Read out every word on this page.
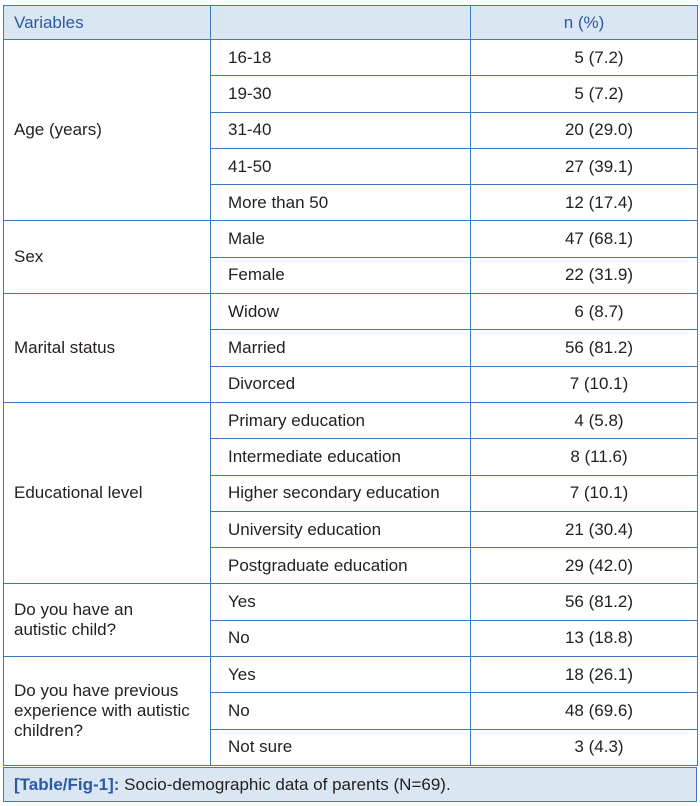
Variables		n (%)
Age (years)	16-18	5 (7.2)
	19-30	5 (7.2)
	31-40	20 (29.0)
	41-50	27 (39.1)
	More than 50	12 (17.4)
Sex	Male	47 (68.1)
	Female	22 (31.9)
Marital status	Widow	6 (8.7)
	Married	56 (81.2)
	Divorced	7 (10.1)
Educational level	Primary education	4 (5.8)
	Intermediate education	8 (11.6)
	Higher secondary education	7 (10.1)
	University education	21 (30.4)
	Postgraduate education	29 (42.0)
Do you have an autistic child?	Yes	56 (81.2)
	No	13 (18.8)
Do you have previous experience with autistic children?	Yes	18 (26.1)
	No	48 (69.6)
	Not sure	3 (4.3)
[Table/Fig-1]: Socio-demographic data of parents (N=69).
